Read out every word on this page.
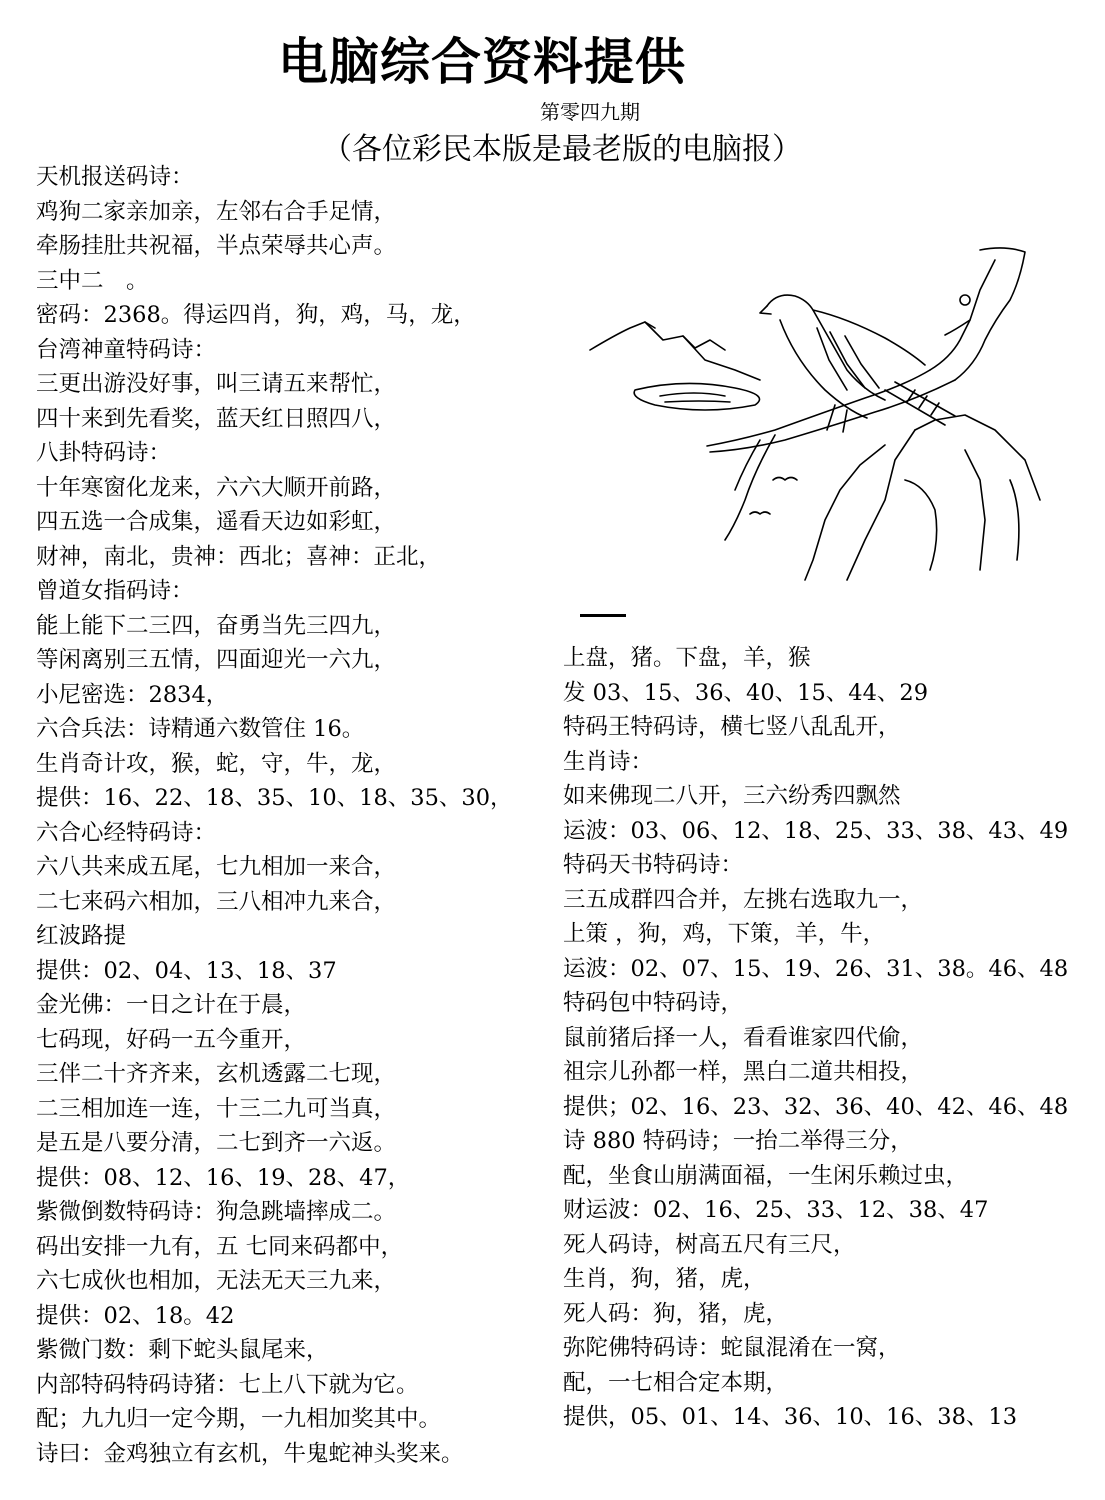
电脑综合资料提供
第零四九期
（各位彩民本版是最老版的电脑报）
天机报送码诗：
鸡狗二家亲加亲，左邻右合手足情，
牵肠挂肚共祝福，半点荣辱共心声。
三中二　。
密码：2368。得运四肖，狗，鸡，马，龙，
台湾神童特码诗：
三更出游没好事，叫三请五来帮忙，
四十来到先看奖，蓝天红日照四八，
八卦特码诗：
十年寒窗化龙来，六六大顺开前路，
四五选一合成集，遥看天边如彩虹，
财神，南北，贵神：西北；喜神：正北，
曾道女指码诗：
能上能下二三四，奋勇当先三四九，
等闲离别三五情，四面迎光一六九，
小尼密选：2834，
六合兵法：诗精通六数管住 16。
生肖奇计攻，猴，蛇，守，牛，龙，
提供：16、22、18、35、10、18、35、30，
六合心经特码诗：
六八共来成五尾，七九相加一来合，
二七来码六相加，三八相冲九来合，
红波路提
提供：02、04、13、18、37
金光佛：一日之计在于晨，
七码现，好码一五今重开，
三伴二十齐齐来，玄机透露二七现，
二三相加连一连，十三二九可当真，
是五是八要分清，二七到齐一六返。
提供：08、12、16、19、28、47，
紫微倒数特码诗：狗急跳墙摔成二。
码出安排一九有，五 七同来码都中，
六七成伙也相加，无法无天三九来，
提供：02、18。42
紫微门数：剩下蛇头鼠尾来，
内部特码特码诗猪：七上八下就为它。
配；九九归一定今期，一九相加奖其中。
诗曰：金鸡独立有玄机，牛鬼蛇神头奖来。
上盘，猪。下盘，羊，猴
发 03、15、36、40、15、44、29
特码王特码诗，横七竖八乱乱开，
生肖诗：
如来佛现二八开，三六纷秀四飘然
运波：03、06、12、18、25、33、38、43、49
特码天书特码诗：
三五成群四合并，左挑右选取九一，
上策 ，狗，鸡，下策，羊，牛，
运波：02、07、15、19、26、31、38。46、48
特码包中特码诗，
鼠前猪后择一人，看看谁家四代偷，
祖宗儿孙都一样，黑白二道共相投，
提供；02、16、23、32、36、40、42、46、48
诗 880 特码诗；一抬二举得三分，
配，坐食山崩满面福，一生闲乐赖过虫，
财运波：02、16、25、33、12、38、47
死人码诗，树高五尺有三尺，
生肖，狗，猪，虎，
死人码：狗，猪，虎，
弥陀佛特码诗：蛇鼠混淆在一窝，
配，一七相合定本期，
提供，05、01、14、36、10、16、38、13
